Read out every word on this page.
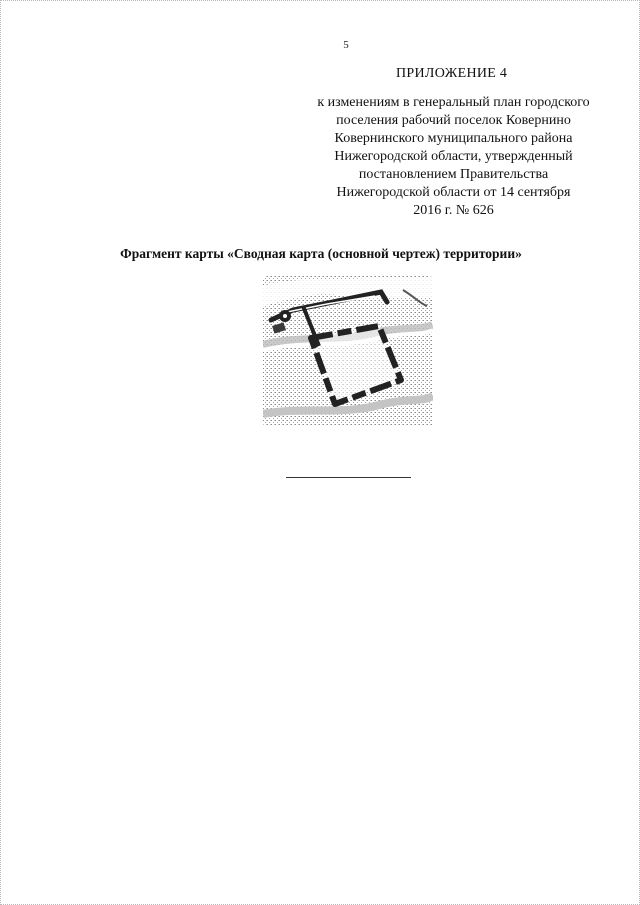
5
ПРИЛОЖЕНИЕ 4
к изменениям в генеральный план городского
поселения рабочий поселок Ковернино
Ковернинского муниципального района
Нижегородской области, утвержденный
постановлением Правительства
Нижегородской области от 14 сентября
2016 г. № 626
Фрагмент карты «Сводная карта (основной чертеж) территории»
